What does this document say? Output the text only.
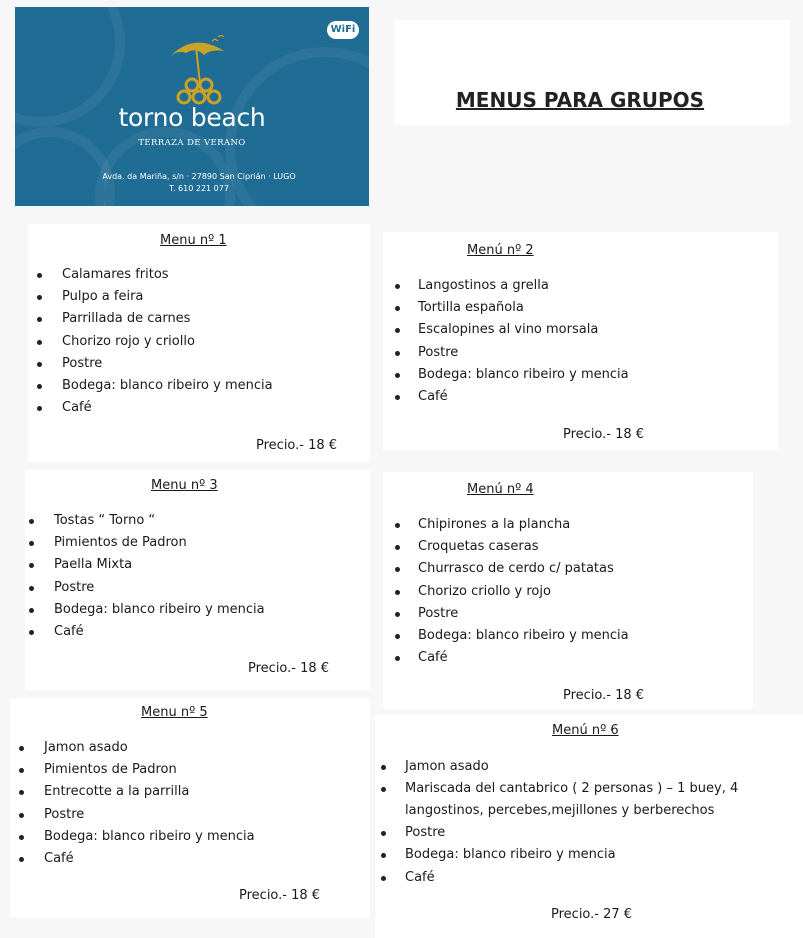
WiFi
torno beach
TERRAZA DE VERANO
Avda. da Mariña, s/n · 27890 San Ciprián · LUGO
T. 610 221 077
MENUS PARA GRUPOS
Menu nº 1
Calamares fritos
Pulpo a feira
Parrillada de carnes
Chorizo rojo y criollo
Postre
Bodega: blanco ribeiro y mencia
Café
Precio.- 18 €
Menú nº 2
Langostinos a grella
Tortilla española
Escalopines al vino morsala
Postre
Bodega: blanco ribeiro y mencia
Café
Precio.- 18 €
Menu nº 3
Tostas “ Torno “
Pimientos de Padron
Paella Mixta
Postre
Bodega: blanco ribeiro y mencia
Café
Precio.- 18 €
Menú nº 4
Chipirones a la plancha
Croquetas caseras
Churrasco de cerdo c/ patatas
Chorizo criollo y rojo
Postre
Bodega: blanco ribeiro y mencia
Café
Precio.- 18 €
Menu nº 5
Jamon asado
Pimientos de Padron
Entrecotte a la parrilla
Postre
Bodega: blanco ribeiro y mencia
Café
Precio.- 18 €
Menú nº 6
Jamon asado
Mariscada del cantabrico ( 2 personas ) – 1 buey, 4 langostinos, percebes,mejillones y berberechos
Postre
Bodega: blanco ribeiro y mencia
Café
Precio.- 27 €
